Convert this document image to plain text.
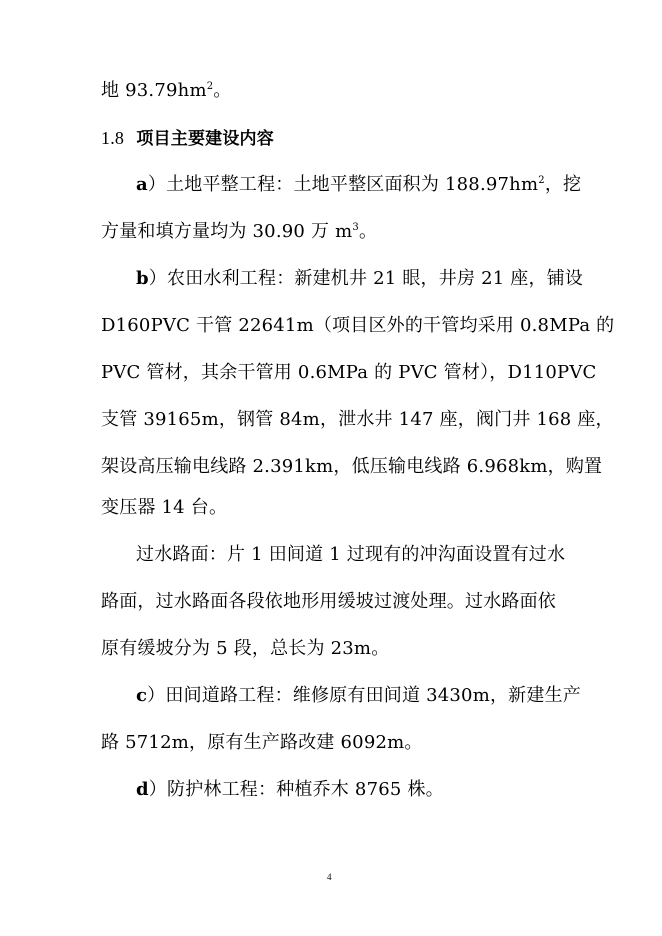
地 $93.79hm^2$。
1.8 项目主要建设内容
a）土地平整工程：土地平整区面积为 $188.97hm^2$，挖
方量和填方量均为 30.90 万 $m^3$。
b）农田水利工程：新建机井 21 眼，井房 21 座，铺设
D160PVC 干管 22641m（项目区外的干管均采用 0.8MPa 的
PVC 管材，其余干管用 0.6MPa 的 PVC 管材），D110PVC
支管 39165m，钢管 84m，泄水井 147 座，阀门井 168 座，
架设高压输电线路 2.391km，低压输电线路 6.968km，购置
变压器 14 台。
过水路面：片 1 田间道 1 过现有的冲沟面设置有过水
路面，过水路面各段依地形用缓坡过渡处理。过水路面依
原有缓坡分为 5 段，总长为 23m。
c）田间道路工程：维修原有田间道 3430m，新建生产
路 5712m，原有生产路改建 6092m。
d）防护林工程：种植乔木 8765 株。
4
